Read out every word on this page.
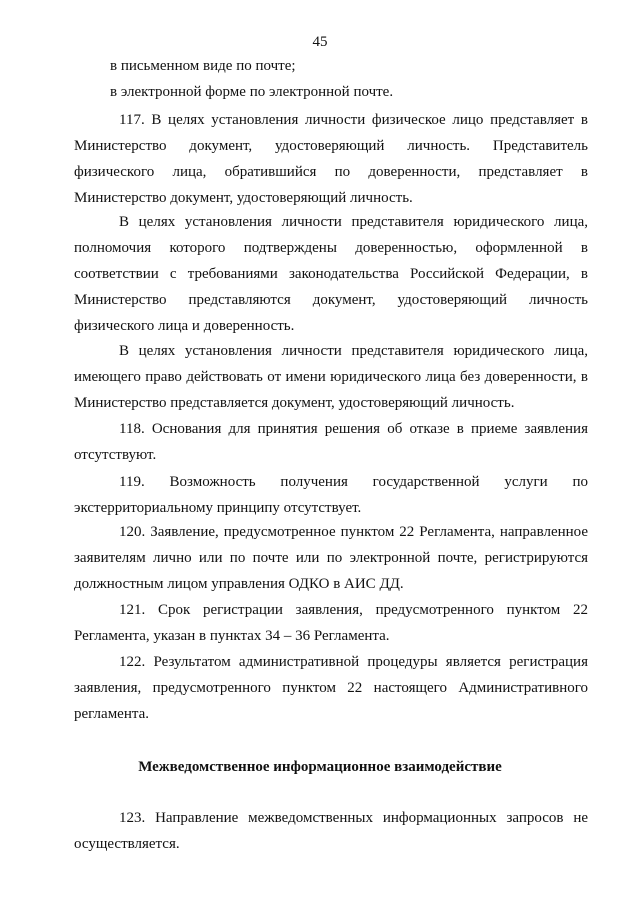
45

в письменном виде по почте;

в электронной форме по электронной почте.

117. В целях установления личности физическое лицо представляет в Министерство документ, удостоверяющий личность. Представитель физического лица, обратившийся по доверенности, представляет в Министерство документ, удостоверяющий личность.

В целях установления личности представителя юридического лица, полномочия которого подтверждены доверенностью, оформленной в соответствии с требованиями законодательства Российской Федерации, в Министерство представляются документ, удостоверяющий личность физического лица и доверенность.

В целях установления личности представителя юридического лица, имеющего право действовать от имени юридического лица без доверенности, в Министерство представляется документ, удостоверяющий личность.

118. Основания для принятия решения об отказе в приеме заявления отсутствуют.

119. Возможность получения государственной услуги по экстерриториальному принципу отсутствует.

120. Заявление, предусмотренное пунктом 22 Регламента, направленное заявителям лично или по почте или по электронной почте, регистрируются должностным лицом управления ОДКО в АИС ДД.

121. Срок регистрации заявления, предусмотренного пунктом 22 Регламента, указан в пунктах 34 – 36 Регламента.

122. Результатом административной процедуры является регистрация заявления, предусмотренного пунктом 22 настоящего Административного регламента.

Межведомственное информационное взаимодействие

123. Направление межведомственных информационных запросов не осуществляется.
